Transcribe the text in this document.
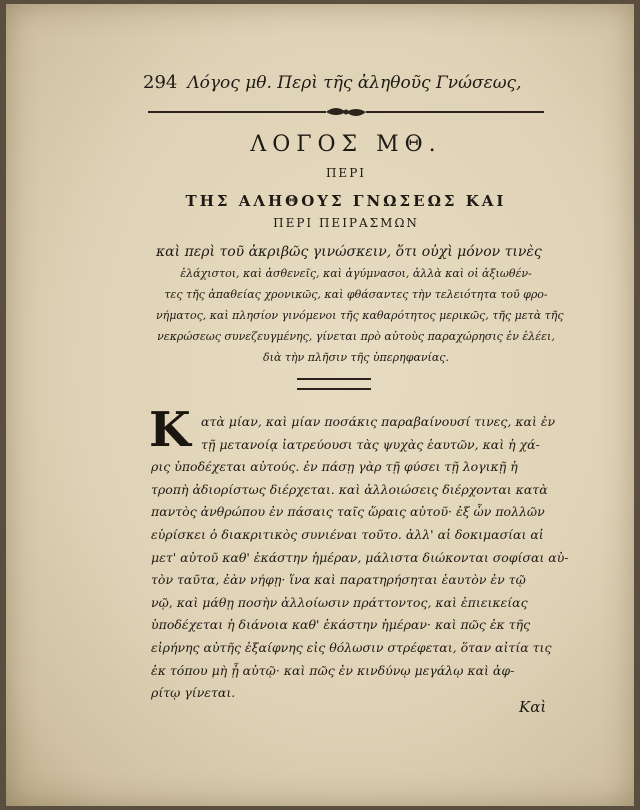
294 Λόγος μθ. Περὶ τῆς ἀληθοῦς Γνώσεως,
ΛΟΓΟΣ ΜΘ.
ΠΕΡΙ
ΤΗΣ ΑΛΗΘΟΥΣ ΓΝΩΣΕΩΣ ΚΑΙ
ΠΕΡΙ ΠΕΙΡΑΣΜΩΝ
καὶ περὶ τοῦ ἀκριβῶς γινώσκειν, ὅτι οὐχὶ μόνον τινὲς
ἐλάχιστοι, καὶ ἀσθενεῖς, καὶ ἀγύμνασοι, ἀλλὰ καὶ οἱ ἀξιωθέν-
τες τῆς ἀπαθείας χρονικῶς, καὶ φθάσαντες τὴν τελειότητα τοῦ φρο-
νήματος, καὶ πλησίον γινόμενοι τῆς καθαρότητος μερικῶς, τῆς μετὰ τῆς
νεκρώσεως συνεζευγμένης, γίνεται πρὸ αὐτοὺς παραχώρησις ἐν ἐλέει,
διὰ τὴν πλῆσιν τῆς ὑπερηφανίας.
K ατὰ μίαν, καὶ μίαν ποσάκις παραβαίνουσί τινες, καὶ ἐν
τῇ μετανοίᾳ ἰατρεύουσι τὰς ψυχὰς ἑαυτῶν, καὶ ἡ χά-
ρις ὑποδέχεται αὐτούς. ἐν πάσῃ γὰρ τῇ φύσει τῇ λογικῇ ἡ
τροπὴ ἀδιορίστως διέρχεται. καὶ ἀλλοιώσεις διέρχονται κατὰ
παντὸς ἀνθρώπου ἐν πάσαις ταῖς ὥραις αὐτοῦ· ἐξ ὧν πολλῶν
εὑρίσκει ὁ διακριτικὸς συνιέναι τοῦτο. ἀλλ' αἱ δοκιμασίαι αἱ
μετ' αὐτοῦ καθ' ἑκάστην ἡμέραν, μάλιστα διώκονται σοφίσαι αὐ-
τὸν ταῦτα, ἐὰν νήφῃ· ἵνα καὶ παρατηρήσηται ἑαυτὸν ἐν τῷ
νῷ, καὶ μάθῃ ποσὴν ἀλλοίωσιν πράττοντος, καὶ ἐπιεικείας
ὑποδέχεται ἡ διάνοια καθ' ἑκάστην ἡμέραν· καὶ πῶς ἐκ τῆς
εἰρήνης αὐτῆς ἐξαίφνης εἰς θόλωσιν στρέφεται, ὅταν αἰτία τις
ἐκ τόπου μὴ ᾖ αὐτῷ· καὶ πῶς ἐν κινδύνῳ μεγάλῳ καὶ ἀφ-
ρίτῳ γίνεται.
Καὶ
